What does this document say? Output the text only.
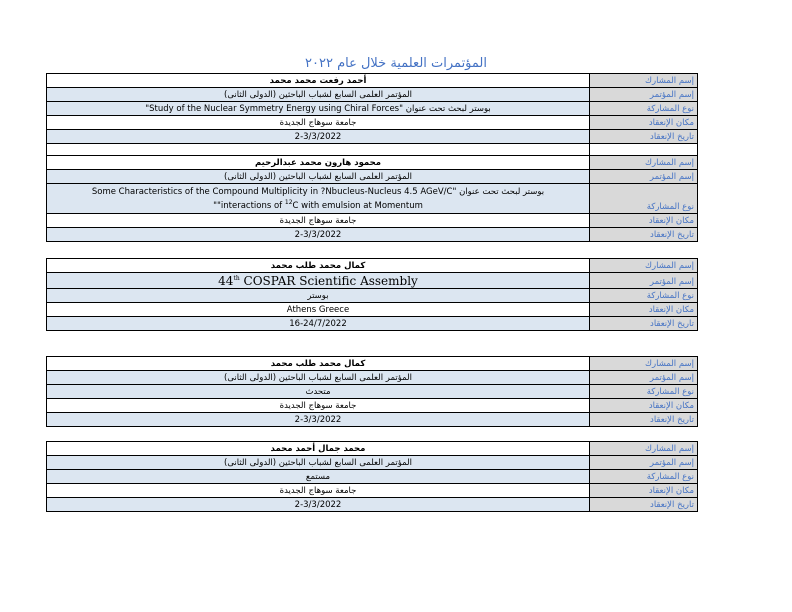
المؤتمرات العلمية خلال عام ٢٠٢٢
إسم المشارك	أحمد رفعت محمد محمد
إسم المؤتمر	المؤتمر العلمى السابع لشباب الباحثين (الدولى الثانى)
نوع المشاركة	بوستر لبحث تحت عنوان "Study of the Nuclear Symmetry Energy using Chiral Forces"
مكان الإنعقاد	جامعة سوهاج الجديدة
تاريخ الإنعقاد	2-3/3/2022

إسم المشارك	محمود هارون محمد عبدالرحيم
إسم المؤتمر	المؤتمر العلمى السابع لشباب الباحثين (الدولى الثانى)
نوع المشاركة	بوستر لبحث تحت عنوان "Some Characteristics of the Compound Multiplicity in ?Nbucleus-Nucleus 4.5 AGeV/C
""interactions of $^{12}$C with emulsion at Momentum

مكان الإنعقاد	جامعة سوهاج الجديدة
تاريخ الإنعقاد	2-3/3/2022
إسم المشارك	كمال محمد طلب محمد
إسم المؤتمر	44th COSPAR Scientific Assembly
نوع المشاركة	بوستر
مكان الإنعقاد	Athens Greece
تاريخ الإنعقاد	16-24/7/2022
إسم المشارك	كمال محمد طلب محمد
إسم المؤتمر	المؤتمر العلمى السابع لشباب الباحثين (الدولى الثانى)
نوع المشاركة	متحدث
مكان الإنعقاد	جامعة سوهاج الجديدة
تاريخ الإنعقاد	2-3/3/2022
إسم المشارك	محمد جمال أحمد محمد
إسم المؤتمر	المؤتمر العلمى السابع لشباب الباحثين (الدولى الثانى)
نوع المشاركة	مستمع
مكان الإنعقاد	جامعة سوهاج الجديدة
تاريخ الإنعقاد	2-3/3/2022
